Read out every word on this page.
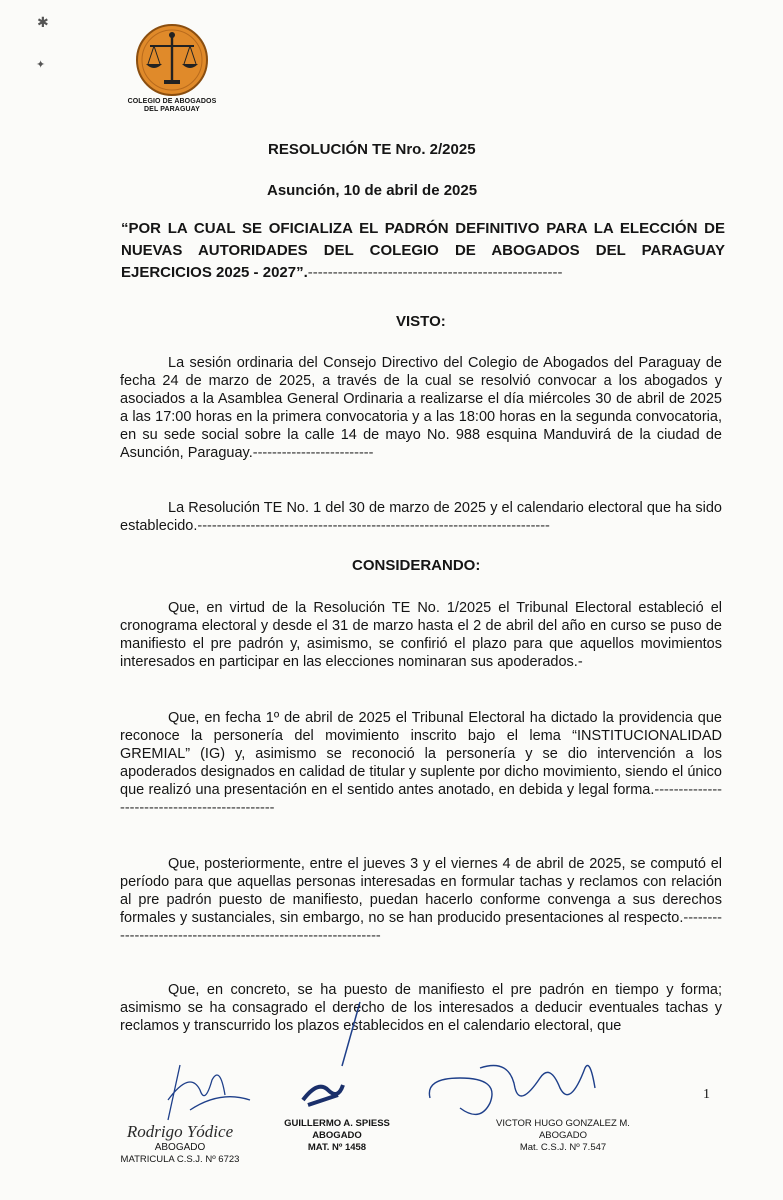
✱
✦
COLEGIO DE ABOGADOS
DEL PARAGUAY
RESOLUCIÓN TE Nro. 2/2025
Asunción, 10 de abril de 2025
“POR LA CUAL SE OFICIALIZA EL PADRÓN DEFINITIVO PARA LA ELECCIÓN DE NUEVAS AUTORIDADES DEL COLEGIO DE ABOGADOS DEL PARAGUAY EJERCICIOS 2025 - 2027”.---------------------------------------------------
VISTO:
La sesión ordinaria del Consejo Directivo del Colegio de Abogados del Paraguay de fecha 24 de marzo de 2025, a través de la cual se resolvió convocar a los abogados y asociados a la Asamblea General Ordinaria a realizarse el día miércoles 30 de abril de 2025 a las 17:00 horas en la primera convocatoria y a las 18:00 horas en la segunda convocatoria, en su sede social sobre la calle 14 de mayo No. 988 esquina Manduvirá de la ciudad de Asunción, Paraguay.-------------------------
La Resolución TE No. 1 del 30 de marzo de 2025 y el calendario electoral que ha sido establecido.-------------------------------------------------------------------------
CONSIDERANDO:
Que, en virtud de la Resolución TE No. 1/2025 el Tribunal Electoral estableció el cronograma electoral y desde el 31 de marzo hasta el 2 de abril del año en curso se puso de manifiesto el pre padrón y, asimismo, se confirió el plazo para que aquellos movimientos interesados en participar en las elecciones nominaran sus apoderados.-
Que, en fecha 1º de abril de 2025 el Tribunal Electoral ha dictado la providencia que reconoce la personería del movimiento inscrito bajo el lema “INSTITUCIONALIDAD GREMIAL” (IG) y, asimismo se reconoció la personería y se dio intervención a los apoderados designados en calidad de titular y suplente por dicho movimiento, siendo el único que realizó una presentación en el sentido antes anotado, en debida y legal forma.----------------------------------------------
Que, posteriormente, entre el jueves 3 y el viernes 4 de abril de 2025, se computó el período para que aquellas personas interesadas en formular tachas y reclamos con relación al pre padrón puesto de manifiesto, puedan hacerlo conforme convenga a sus derechos formales y sustanciales, sin embargo, no se han producido presentaciones al respecto.--------------------------------------------------------------
Que, en concreto, se ha puesto de manifiesto el pre padrón en tiempo y forma; asimismo se ha consagrado el derecho de los interesados a deducir eventuales tachas y reclamos y transcurrido los plazos establecidos en el calendario electoral, que
Rodrigo Yódice
ABOGADO
MATRICULA C.S.J. Nº 6723
GUILLERMO A. SPIESS
ABOGADO
MAT. Nº 1458
VICTOR HUGO GONZALEZ M.
ABOGADO
Mat. C.S.J. Nº 7.547
1
